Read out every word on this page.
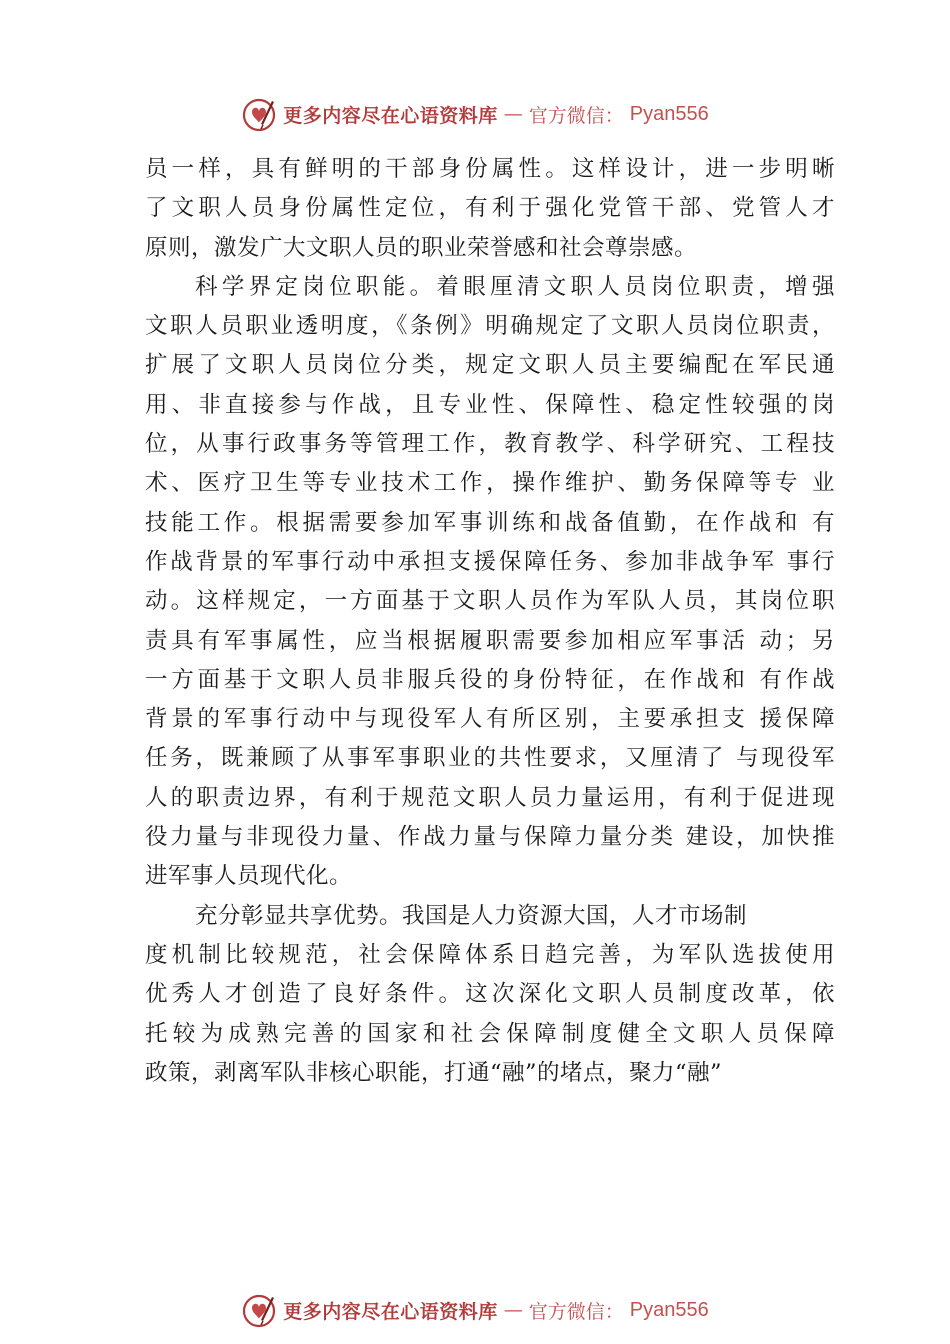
更多内容尽在心语资料库 — 官方微信： Pyan556
员一样，具有鲜明的干部身份属性。这样设计，进一步明晰
了文职人员身份属性定位，有利于强化党管干部、党管人才
原则，激发广大文职人员的职业荣誉感和社会尊崇感。
科学界定岗位职能。着眼厘清文职人员岗位职责，增强
文职人员职业透明度，《条例》明确规定了文职人员岗位职责，
扩展了文职人员岗位分类，规定文职人员主要编配在军民通
用、非直接参与作战，且专业性、保障性、稳定性较强的岗
位，从事行政事务等管理工作，教育教学、科学研究、工程技
术、医疗卫生等专业技术工作，操作维护、勤务保障等专 业
技能工作。根据需要参加军事训练和战备值勤，在作战和 有
作战背景的军事行动中承担支援保障任务、参加非战争军 事行
动。这样规定，一方面基于文职人员作为军队人员，其岗位职
责具有军事属性，应当根据履职需要参加相应军事活 动；另
一方面基于文职人员非服兵役的身份特征，在作战和 有作战
背景的军事行动中与现役军人有所区别，主要承担支 援保障
任务，既兼顾了从事军事职业的共性要求，又厘清了 与现役军
人的职责边界，有利于规范文职人员力量运用，有利于促进现
役力量与非现役力量、作战力量与保障力量分类 建设，加快推
进军事人员现代化。
充分彰显共享优势。我国是人力资源大国，人才市场制
度机制比较规范，社会保障体系日趋完善，为军队选拔使用
优秀人才创造了良好条件。这次深化文职人员制度改革，依
托较为成熟完善的国家和社会保障制度健全文职人员保障
政策，剥离军队非核心职能，打通“融”的堵点，聚力“融”
更多内容尽在心语资料库 — 官方微信： Pyan556
